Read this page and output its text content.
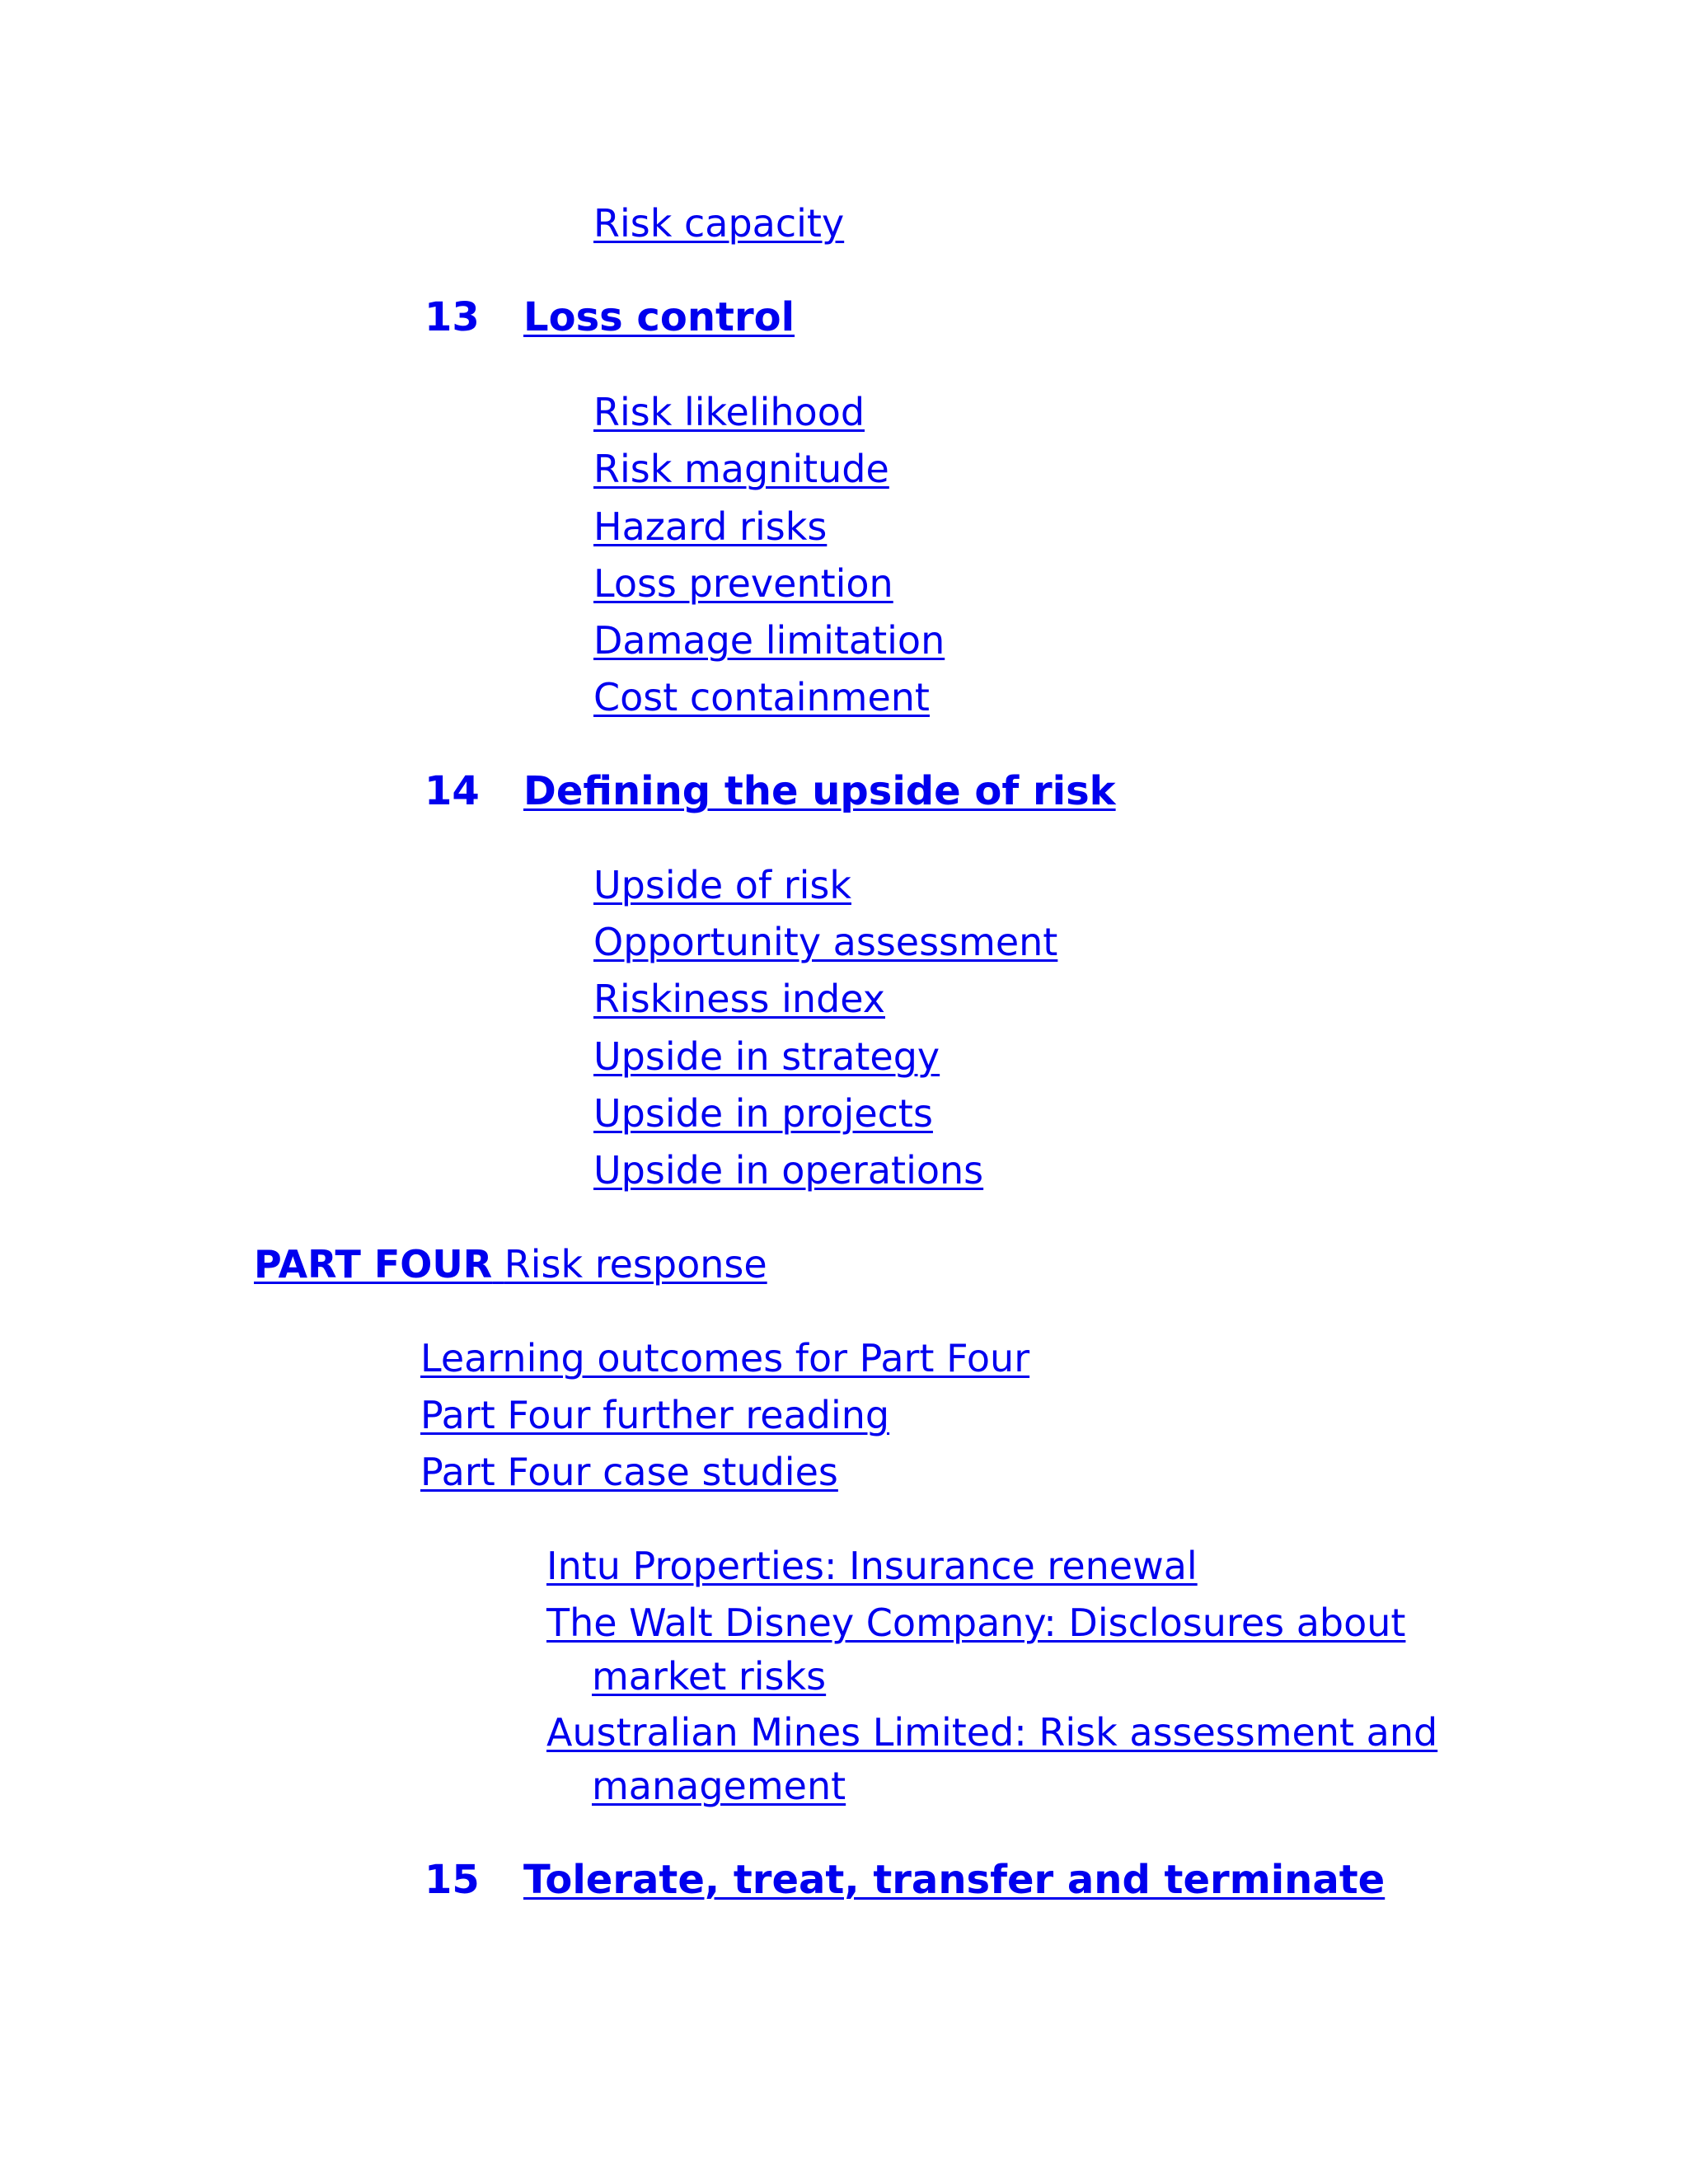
Risk capacity
13 Loss control
Risk likelihood
Risk magnitude
Hazard risks
Loss prevention
Damage limitation
Cost containment
14 Defining the upside of risk
Upside of risk
Opportunity assessment
Riskiness index
Upside in strategy
Upside in projects
Upside in operations
PART FOUR Risk response
Learning outcomes for Part Four
Part Four further reading
Part Four case studies
Intu Properties: Insurance renewal
The Walt Disney Company: Disclosures about
market risks
Australian Mines Limited: Risk assessment and
management
15 Tolerate, treat, transfer and terminate
